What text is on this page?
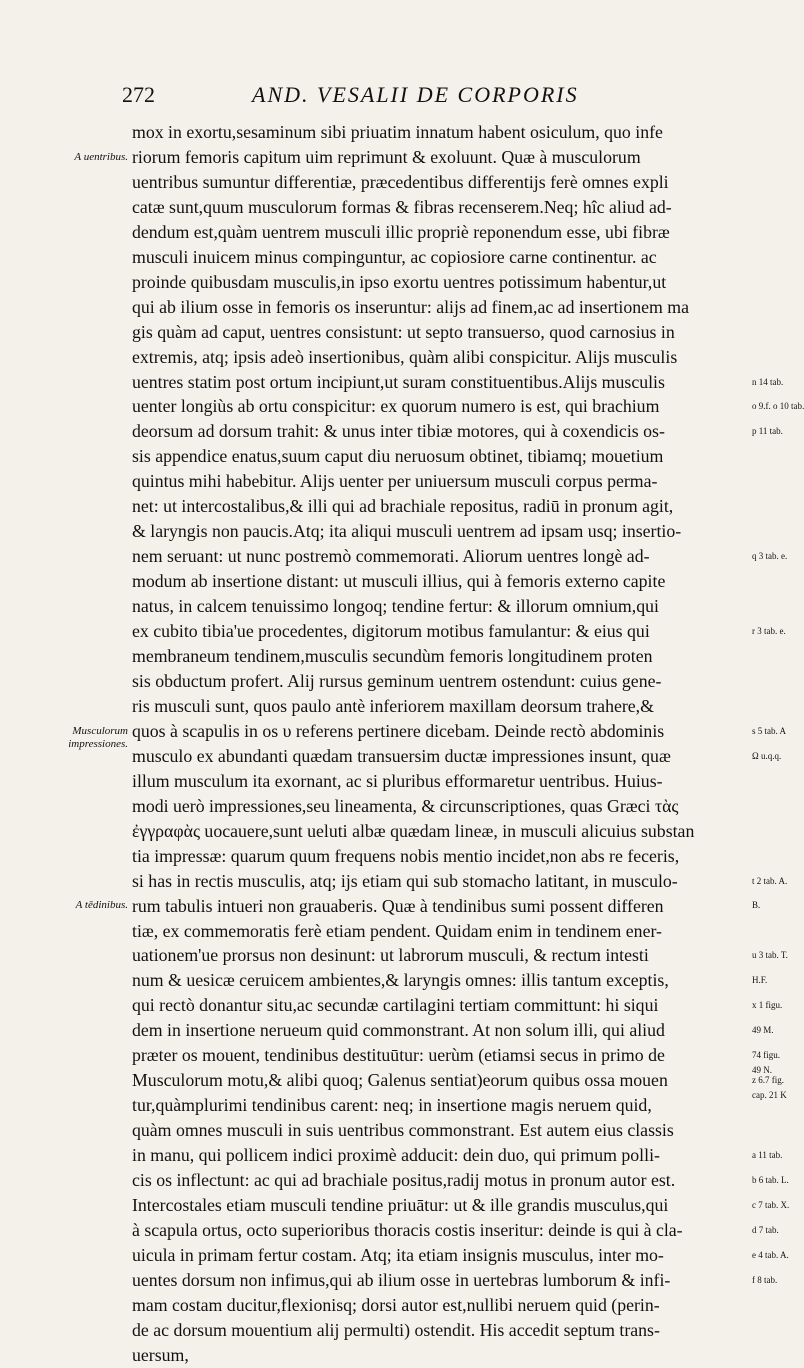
272	AND. VESALII DE CORPORIS
mox in exortu,sesaminum sibi priuatim innatum habent osiculum, quo infe
riorum femoris capitum uim reprimunt & exoluunt. Quæ à musculorum
uentribus sumuntur differentiæ, præcedentibus differentijs ferè omnes expli
catæ sunt,quum musculorum formas & fibras recenserem.Neq; hîc aliud ad-
dendum est,quàm uentrem musculi illic propriè reponendum esse, ubi fibræ
musculi inuicem minus compinguntur, ac copiosiore carne continentur. ac
proinde quibusdam musculis,in ipso exortu uentres potissimum habentur,ut
qui ab ilium osse in femoris os inseruntur: alijs ad finem,ac ad insertionem ma
gis quàm ad caput, uentres consistunt: ut septo transuerso, quod carnosius in
extremis, atq; ipsis adeò insertionibus, quàm alibi conspicitur. Alijs musculis
uentres statim post ortum incipiunt,ut suram constituentibus.Alijs musculis
uenter longiùs ab ortu conspicitur: ex quorum numero is est, qui brachium
deorsum ad dorsum trahit: & unus inter tibiæ motores, qui à coxendicis os-
sis appendice enatus,suum caput diu neruosum obtinet, tibiamq; mouetium
quintus mihi habebitur. Alijs uenter per uniuersum musculi corpus perma-
net: ut intercostalibus,& illi qui ad brachiale repositus, radiū in pronum agit,
& laryngis non paucis.Atq; ita aliqui musculi uentrem ad ipsam usq; insertio-
nem seruant: ut nunc postremò commemorati. Aliorum uentres longè ad-
modum ab insertione distant: ut musculi illius, qui à femoris externo capite
natus, in calcem tenuissimo longoq; tendine fertur: & illorum omnium,qui
ex cubito tibia'ue procedentes, digitorum motibus famulantur: & eius qui
membraneum tendinem,musculis secundùm femoris longitudinem proten
sis obductum profert. Alij rursus geminum uentrem ostendunt: cuius gene-
ris musculi sunt, quos paulo antè inferiorem maxillam deorsum trahere,&
quos à scapulis in os υ referens pertinere dicebam. Deinde rectò abdominis
musculo ex abundanti quædam transuersim ductæ impressiones insunt, quæ
illum musculum ita exornant, ac si pluribus efformaretur uentribus. Huius-
modi uerò impressiones,seu lineamenta, & circunscriptiones, quas Græci τὰς
ἐγγραφὰς uocauere,sunt ueluti albæ quædam lineæ, in musculi alicuius substan
tia impressæ: quarum quum frequens nobis mentio incidet,non abs re feceris,
si has in rectis musculis, atq; ijs etiam qui sub stomacho latitant, in musculo-
rum tabulis intueri non grauaberis. Quæ à tendinibus sumi possent differen
tiæ, ex commemoratis ferè etiam pendent. Quidam enim in tendinem ener-
uationem'ue prorsus non desinunt: ut labrorum musculi, & rectum intesti
num & uesicæ ceruicem ambientes,& laryngis omnes: illis tantum exceptis,
qui rectò donantur situ,ac secundæ cartilagini tertiam committunt: hi siqui
dem in insertione nerueum quid commonstrant. At non solum illi, qui aliud
præter os mouent, tendinibus destituūtur: uerùm (etiamsi secus in primo de
Musculorum motu,& alibi quoq; Galenus sentiat)eorum quibus ossa mouen
tur,quàmplurimi tendinibus carent: neq; in insertione magis neruem quid,
quàm omnes musculi in suis uentribus commonstrant. Est autem eius classis
in manu, qui pollicem indici proximè adducit: dein duo, qui primum polli-
cis os inflectunt: ac qui ad brachiale positus,radij motus in pronum autor est.
Intercostales etiam musculi tendine priuātur: ut & ille grandis musculus,qui
à scapula ortus, octo superioribus thoracis costis inseritur: deinde is qui à cla-
uicula in primam fertur costam. Atq; ita etiam insignis musculus, inter mo-
uentes dorsum non infimus,qui ab ilium osse in uertebras lumborum & infi-
mam costam ducitur,flexionisq; dorsi autor est,nullibi neruem quid (perin-
de ac dorsum mouentium alij permulti) ostendit. His accedit septum trans-
uersum,
A uentribus.
Musculorum impressiones.
A tēdinibus.
n 14 tab.
o 9.f. o 10 tab.
p 11 tab.
q 3 tab. e.
r 3 tab. e.
s 5 tab. A
Ω u.q.q.
t 2 tab. A.
B.
u 3 tab. T.
H.F.
x 1 figu.
49 M.
74 figu.
49 N.
z 6.7 fig.
cap. 21 K
a 11 tab.
b 6 tab. L.
c 7 tab. X.
d 7 tab.
e 4 tab. A.
f 8 tab.
